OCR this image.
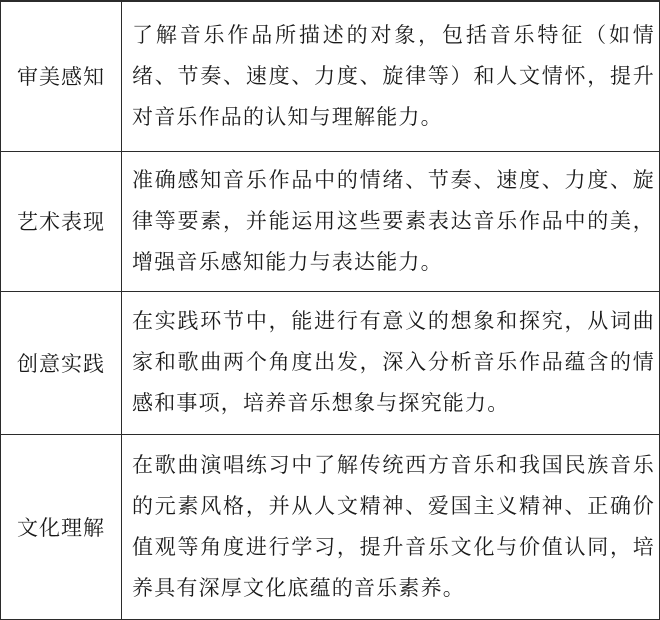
审美感知	了解音乐作品所描述的对象，包括音乐特征（如情绪、节奏、速度、力度、旋律等）和人文情怀，提升对音乐作品的认知与理解能力。
艺术表现	准确感知音乐作品中的情绪、节奏、速度、力度、旋律等要素，并能运用这些要素表达音乐作品中的美，增强音乐感知能力与表达能力。
创意实践	在实践环节中，能进行有意义的想象和探究，从词曲家和歌曲两个角度出发，深入分析音乐作品蕴含的情感和事项，培养音乐想象与探究能力。
文化理解	在歌曲演唱练习中了解传统西方音乐和我国民族音乐的元素风格，并从人文精神、爱国主义精神、正确价值观等角度进行学习，提升音乐文化与价值认同，培养具有深厚文化底蕴的音乐素养。
